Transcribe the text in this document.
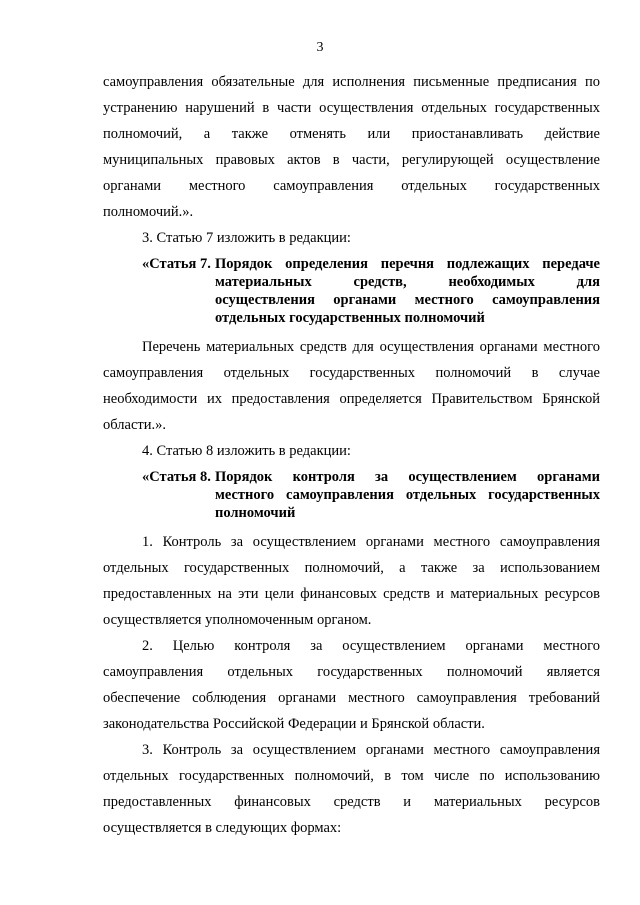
3
самоуправления обязательные для исполнения письменные предписания по
устранению нарушений в части осуществления отдельных государственных
полномочий, а также отменять или приостанавливать действие
муниципальных правовых актов в части, регулирующей осуществление
органами местного самоуправления отдельных государственных
полномочий.».
3. Статью 7 изложить в редакции:
«Статья 7. Порядок определения перечня подлежащих передаче
материальных средств, необходимых для
осуществления органами местного самоуправления
отдельных государственных полномочий
Перечень материальных средств для осуществления органами местного
самоуправления отдельных государственных полномочий в случае
необходимости их предоставления определяется Правительством Брянской
области.».
4. Статью 8 изложить в редакции:
«Статья 8. Порядок контроля за осуществлением органами
местного самоуправления отдельных государственных
полномочий
1. Контроль за осуществлением органами местного самоуправления
отдельных государственных полномочий, а также за использованием
предоставленных на эти цели финансовых средств и материальных ресурсов
осуществляется уполномоченным органом.
2. Целью контроля за осуществлением органами местного
самоуправления отдельных государственных полномочий является
обеспечение соблюдения органами местного самоуправления требований
законодательства Российской Федерации и Брянской области.
3. Контроль за осуществлением органами местного самоуправления
отдельных государственных полномочий, в том числе по использованию
предоставленных финансовых средств и материальных ресурсов
осуществляется в следующих формах:
